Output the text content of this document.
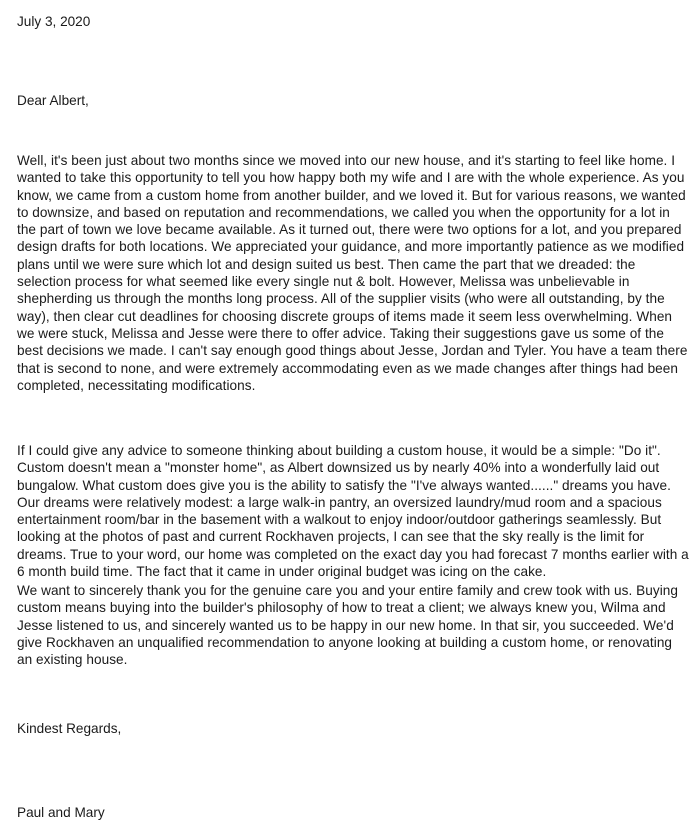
July 3, 2020

Dear Albert,

Well, it's been just about two months since we moved into our new house, and it's starting to feel like home. I wanted to take this opportunity to tell you how happy both my wife and I are with the whole experience. As you know, we came from a custom home from another builder, and we loved it. But for various reasons, we wanted to downsize, and based on reputation and recommendations, we called you when the opportunity for a lot in the part of town we love became available. As it turned out, there were two options for a lot, and you prepared design drafts for both locations. We appreciated your guidance, and more importantly patience as we modified plans until we were sure which lot and design suited us best. Then came the part that we dreaded: the selection process for what seemed like every single nut & bolt. However, Melissa was unbelievable in shepherding us through the months long process. All of the supplier visits (who were all outstanding, by the way), then clear cut deadlines for choosing discrete groups of items made it seem less overwhelming. When we were stuck, Melissa and Jesse were there to offer advice. Taking their suggestions gave us some of the best decisions we made. I can't say enough good things about Jesse, Jordan and Tyler. You have a team there that is second to none, and were extremely accommodating even as we made changes after things had been completed, necessitating modifications.

If I could give any advice to someone thinking about building a custom house, it would be a simple: "Do it". Custom doesn't mean a "monster home", as Albert downsized us by nearly 40% into a wonderfully laid out bungalow. What custom does give you is the ability to satisfy the "I've always wanted......" dreams you have. Our dreams were relatively modest: a large walk-in pantry, an oversized laundry/mud room and a spacious entertainment room/bar in the basement with a walkout to enjoy indoor/outdoor gatherings seamlessly. But looking at the photos of past and current Rockhaven projects, I can see that the sky really is the limit for dreams. True to your word, our home was completed on the exact day you had forecast 7 months earlier with a 6 month build time. The fact that it came in under original budget was icing on the cake.

We want to sincerely thank you for the genuine care you and your entire family and crew took with us. Buying custom means buying into the builder's philosophy of how to treat a client; we always knew you, Wilma and Jesse listened to us, and sincerely wanted us to be happy in our new home. In that sir, you succeeded. We'd give Rockhaven an unqualified recommendation to anyone looking at building a custom home, or renovating an existing house.

Kindest Regards,

Paul and Mary
